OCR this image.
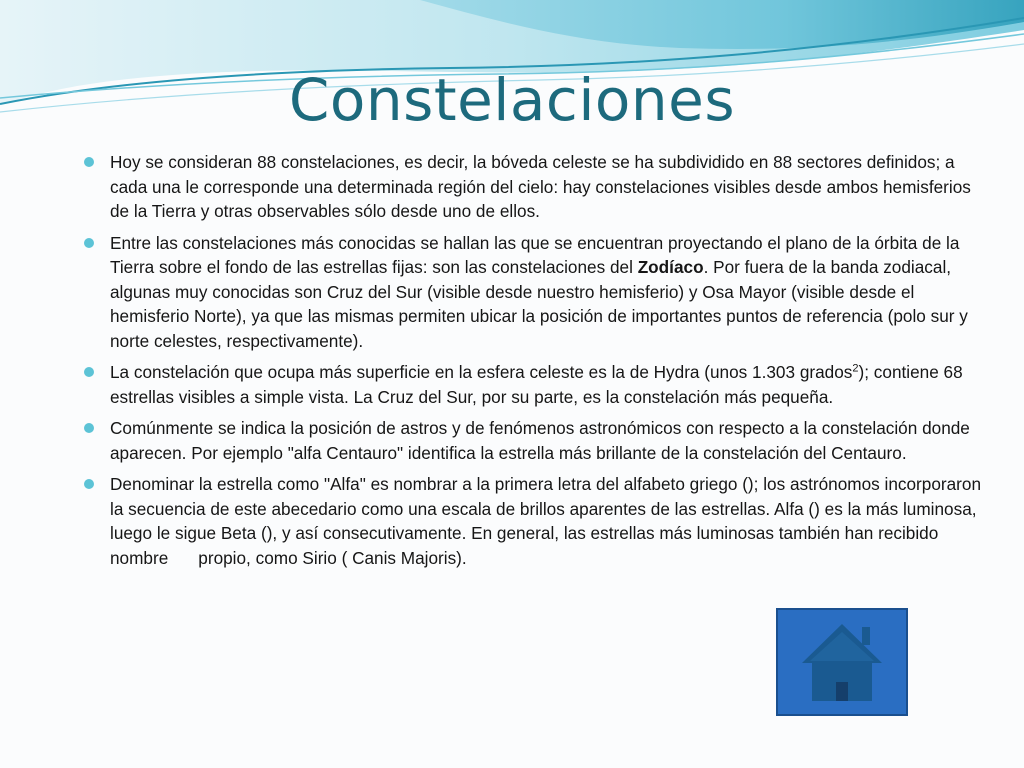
Constelaciones
Hoy se consideran 88 constelaciones, es decir, la bóveda celeste se ha subdividido en 88 sectores definidos; a cada una le corresponde una determinada región del cielo: hay constelaciones visibles desde ambos hemisferios de la Tierra y otras observables sólo desde uno de ellos.
Entre las constelaciones más conocidas se hallan las que se encuentran proyectando el plano de la órbita de la Tierra sobre el fondo de las estrellas fijas: son las constelaciones del Zodíaco. Por fuera de la banda zodiacal, algunas muy conocidas son Cruz del Sur (visible desde nuestro hemisferio) y Osa Mayor (visible desde el hemisferio Norte), ya que las mismas permiten ubicar la posición de importantes puntos de referencia (polo sur y norte celestes, respectivamente).
La constelación que ocupa más superficie en la esfera celeste es la de Hydra (unos 1.303 grados$^2$); contiene 68 estrellas visibles a simple vista. La Cruz del Sur, por su parte, es la constelación más pequeña.
Comúnmente se indica la posición de astros y de fenómenos astronómicos con respecto a la constelación donde aparecen. Por ejemplo "alfa Centauro" identifica la estrella más brillante de la constelación del Centauro.
Denominar la estrella como "Alfa" es nombrar a la primera letra del alfabeto griego (); los astrónomos incorporaron la secuencia de este abecedario como una escala de brillos aparentes de las estrellas. Alfa () es la más luminosa, luego le sigue Beta (), y así consecutivamente. En general, las estrellas más luminosas también han recibido nombre propio, como Sirio ( Canis Majoris).
